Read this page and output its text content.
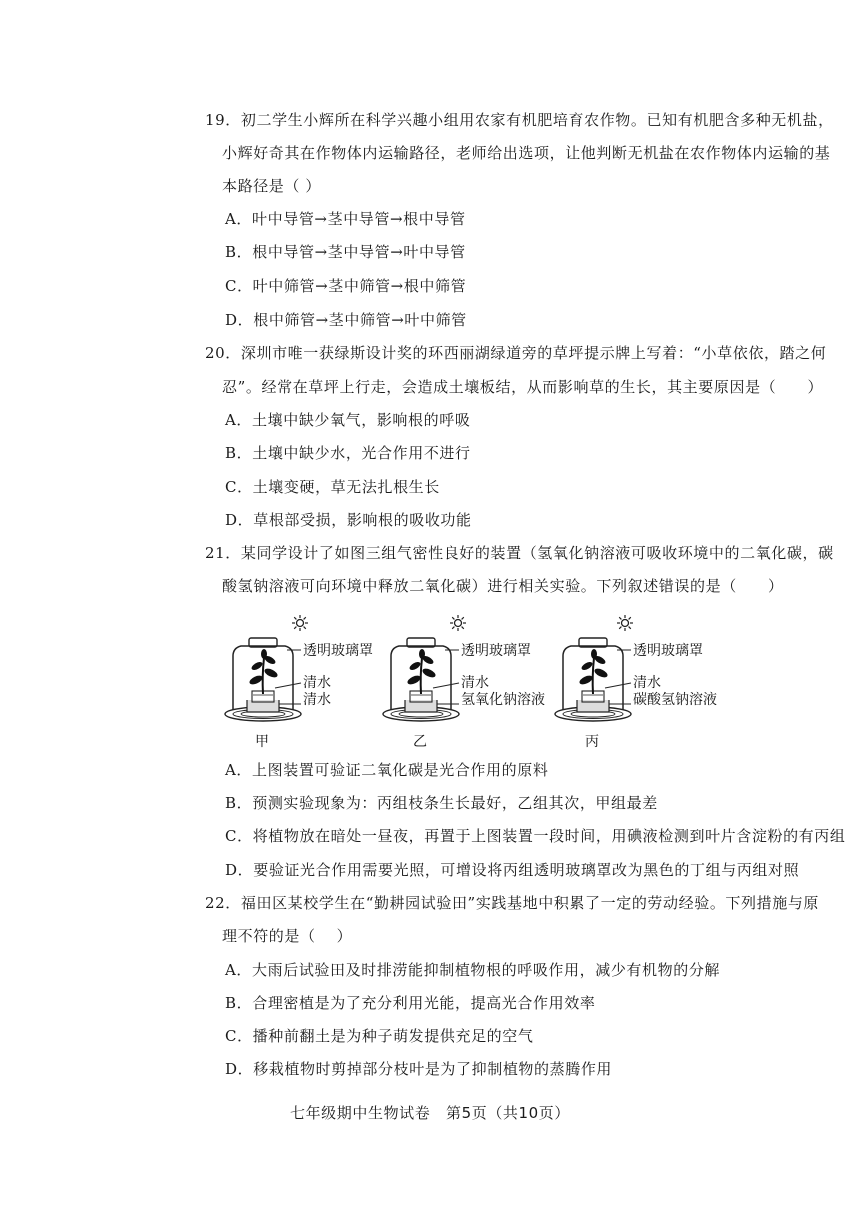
19．初二学生小辉所在科学兴趣小组用农家有机肥培育农作物。已知有机肥含多种无机盐，
小辉好奇其在作物体内运输路径，老师给出选项，让他判断无机盐在农作物体内运输的基
本路径是（ ）
A．叶中导管→茎中导管→根中导管
B．根中导管→茎中导管→叶中导管
C．叶中筛管→茎中筛管→根中筛管
D．根中筛管→茎中筛管→叶中筛管
20．深圳市唯一获绿斯设计奖的环西丽湖绿道旁的草坪提示牌上写着：“小草依依，踏之何
忍”。经常在草坪上行走，会造成土壤板结，从而影响草的生长，其主要原因是（　　）
A．土壤中缺少氧气，影响根的呼吸
B．土壤中缺少水，光合作用不进行
C．土壤变硬，草无法扎根生长
D．草根部受损，影响根的吸收功能
21．某同学设计了如图三组气密性良好的装置（氢氧化钠溶液可吸收环境中的二氧化碳，碳
酸氢钠溶液可向环境中释放二氧化碳）进行相关实验。下列叙述错误的是（　　）
透明玻璃罩
清水
清水
甲
透明玻璃罩
清水
氢氧化钠溶液
乙
透明玻璃罩
清水
碳酸氢钠溶液
丙
A．上图装置可验证二氧化碳是光合作用的原料
B．预测实验现象为：丙组枝条生长最好，乙组其次，甲组最差
C．将植物放在暗处一昼夜，再置于上图装置一段时间，用碘液检测到叶片含淀粉的有丙组
D．要验证光合作用需要光照，可增设将丙组透明玻璃罩改为黑色的丁组与丙组对照
22．福田区某校学生在“勤耕园试验田”实践基地中积累了一定的劳动经验。下列措施与原
理不符的是（　 ）
A．大雨后试验田及时排涝能抑制植物根的呼吸作用，减少有机物的分解
B．合理密植是为了充分利用光能，提高光合作用效率
C．播种前翻土是为种子萌发提供充足的空气
D．移栽植物时剪掉部分枝叶是为了抑制植物的蒸腾作用
七年级期中生物试卷　第5页（共10页）
